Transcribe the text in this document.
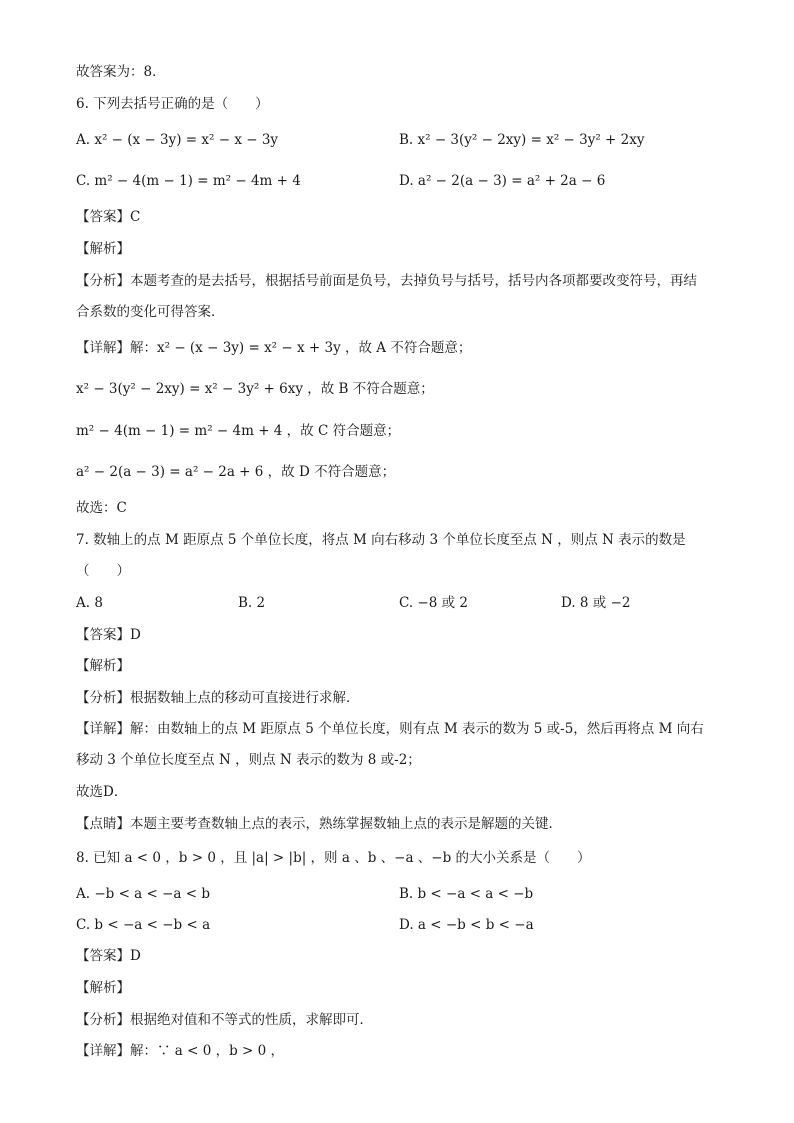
故答案为：8．
6. 下列去括号正确的是（　　）
A. x² − (x − 3y) = x² − x − 3y	B. x² − 3(y² − 2xy) = x² − 3y² + 2xy
C. m² − 4(m − 1) = m² − 4m + 4	D. a² − 2(a − 3) = a² + 2a − 6
【答案】C
【解析】
【分析】本题考查的是去括号，根据括号前面是负号，去掉负号与括号，括号内各项都要改变符号，再结
合系数的变化可得答案．
【详解】解：x² − (x − 3y) = x² − x + 3y ，故 A 不符合题意；
x² − 3(y² − 2xy) = x² − 3y² + 6xy ，故 B 不符合题意；
m² − 4(m − 1) = m² − 4m + 4 ，故 C 符合题意；
a² − 2(a − 3) = a² − 2a + 6 ，故 D 不符合题意；
故选：C
7. 数轴上的点 M 距原点 5 个单位长度，将点 M 向右移动 3 个单位长度至点 N ，则点 N 表示的数是
（　　）
A. 8	B. 2	C. −8 或 2	D. 8 或 −2
【答案】D
【解析】
【分析】根据数轴上点的移动可直接进行求解．
【详解】解：由数轴上的点 M 距原点 5 个单位长度，则有点 M 表示的数为 5 或-5，然后再将点 M 向右
移动 3 个单位长度至点 N ，则点 N 表示的数为 8 或-2；
故选D．
【点睛】本题主要考查数轴上点的表示，熟练掌握数轴上点的表示是解题的关键．
8. 已知 a < 0 ，b > 0 ，且 |a| > |b| ，则 a 、b 、−a 、−b 的大小关系是（　　）
A. −b < a < −a < b	B. b < −a < a < −b
C. b < −a < −b < a	D. a < −b < b < −a
【答案】D
【解析】
【分析】根据绝对值和不等式的性质，求解即可．
【详解】解：∵ a < 0 ，b > 0 ，
